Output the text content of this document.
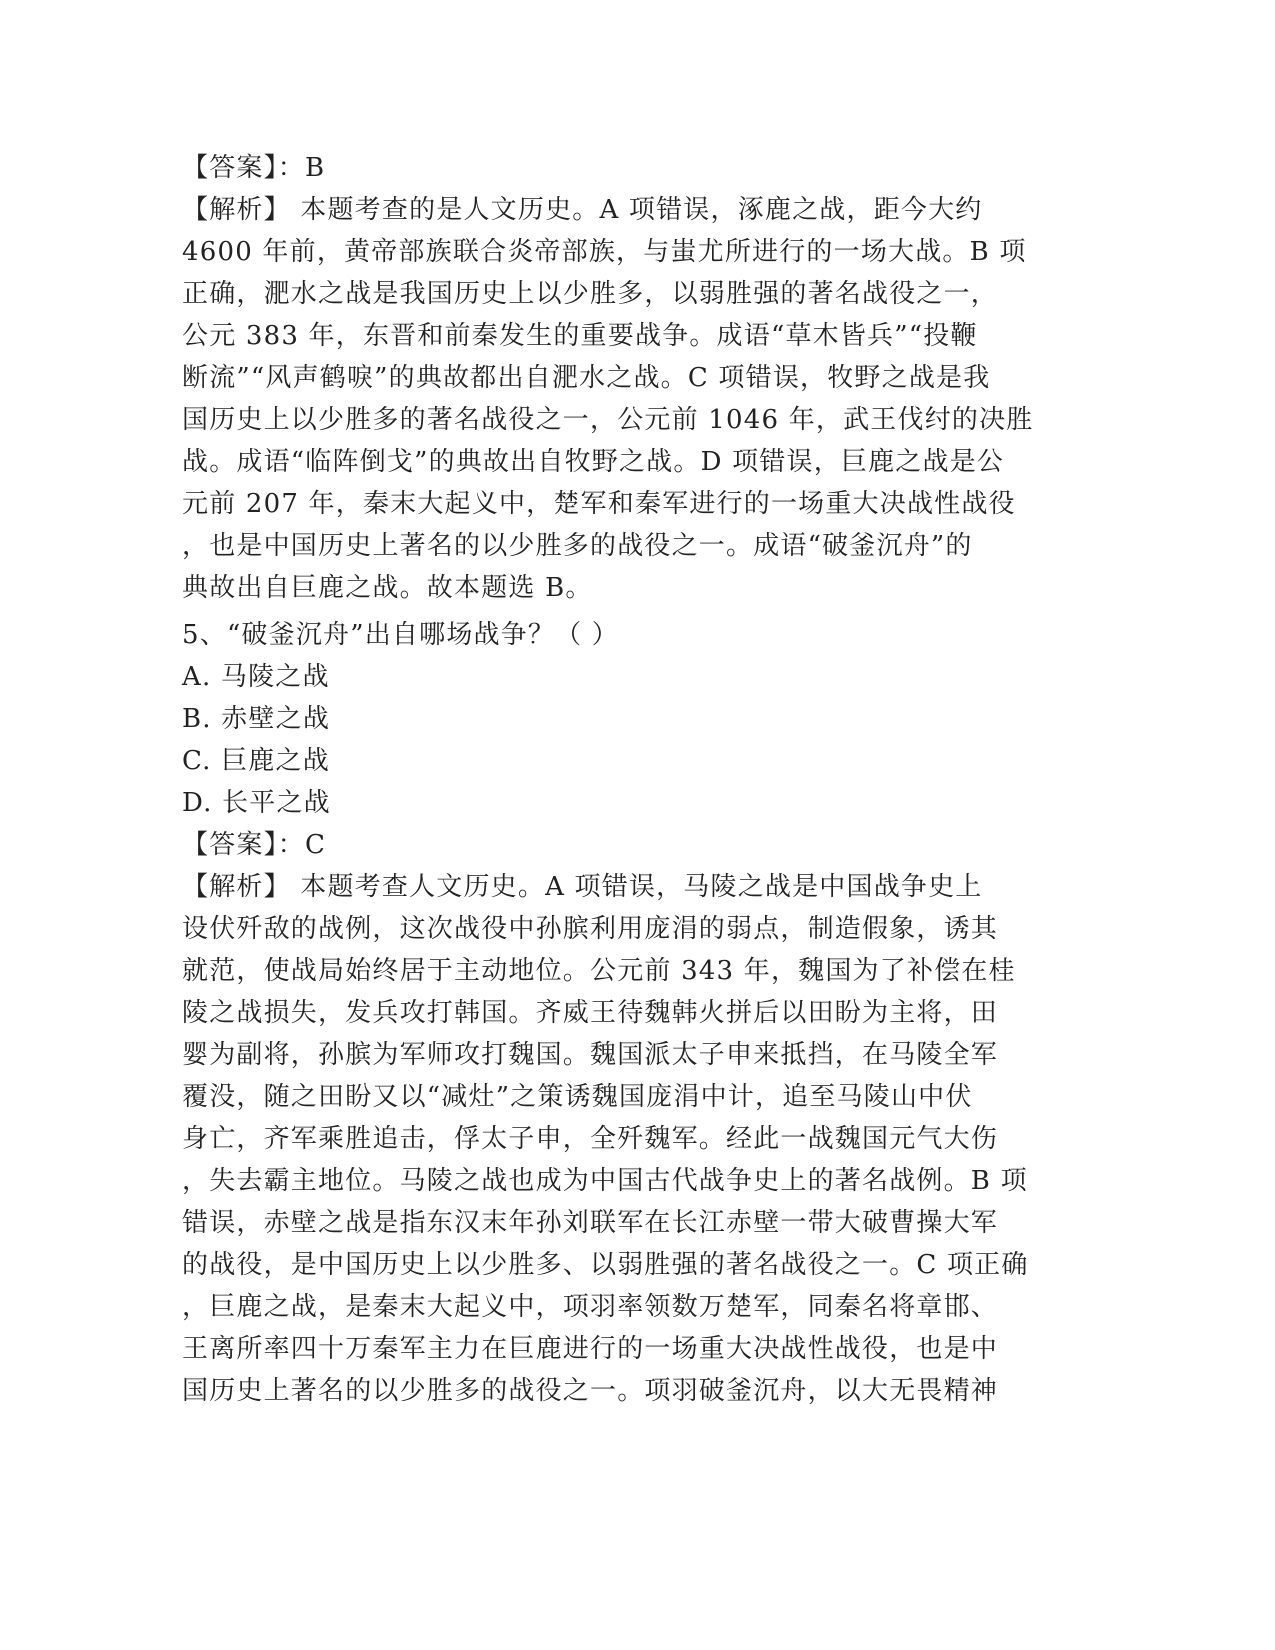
【答案】：B
【解析】 本题考查的是人文历史。A 项错误，涿鹿之战，距今大约
4600 年前，黄帝部族联合炎帝部族，与蚩尤所进行的一场大战。B 项
正确，淝水之战是我国历史上以少胜多，以弱胜强的著名战役之一，
公元 383 年，东晋和前秦发生的重要战争。成语“草木皆兵”“投鞭
断流”“风声鹤唳”的典故都出自淝水之战。C 项错误，牧野之战是我
国历史上以少胜多的著名战役之一，公元前 1046 年，武王伐纣的决胜
战。成语“临阵倒戈”的典故出自牧野之战。D 项错误，巨鹿之战是公
元前 207 年，秦末大起义中，楚军和秦军进行的一场重大决战性战役
，也是中国历史上著名的以少胜多的战役之一。成语“破釜沉舟”的
典故出自巨鹿之战。故本题选 B。
5、“破釜沉舟”出自哪场战争？（ ）
A. 马陵之战
B. 赤壁之战
C. 巨鹿之战
D. 长平之战
【答案】：C
【解析】 本题考查人文历史。A 项错误，马陵之战是中国战争史上
设伏歼敌的战例，这次战役中孙膑利用庞涓的弱点，制造假象，诱其
就范，使战局始终居于主动地位。公元前 343 年，魏国为了补偿在桂
陵之战损失，发兵攻打韩国。齐威王待魏韩火拼后以田盼为主将，田
婴为副将，孙膑为军师攻打魏国。魏国派太子申来抵挡，在马陵全军
覆没，随之田盼又以“减灶”之策诱魏国庞涓中计，追至马陵山中伏
身亡，齐军乘胜追击，俘太子申，全歼魏军。经此一战魏国元气大伤
，失去霸主地位。马陵之战也成为中国古代战争史上的著名战例。B 项
错误，赤壁之战是指东汉末年孙刘联军在长江赤壁一带大破曹操大军
的战役，是中国历史上以少胜多、以弱胜强的著名战役之一。C 项正确
，巨鹿之战，是秦末大起义中，项羽率领数万楚军，同秦名将章邯、
王离所率四十万秦军主力在巨鹿进行的一场重大决战性战役，也是中
国历史上著名的以少胜多的战役之一。项羽破釜沉舟，以大无畏精神
